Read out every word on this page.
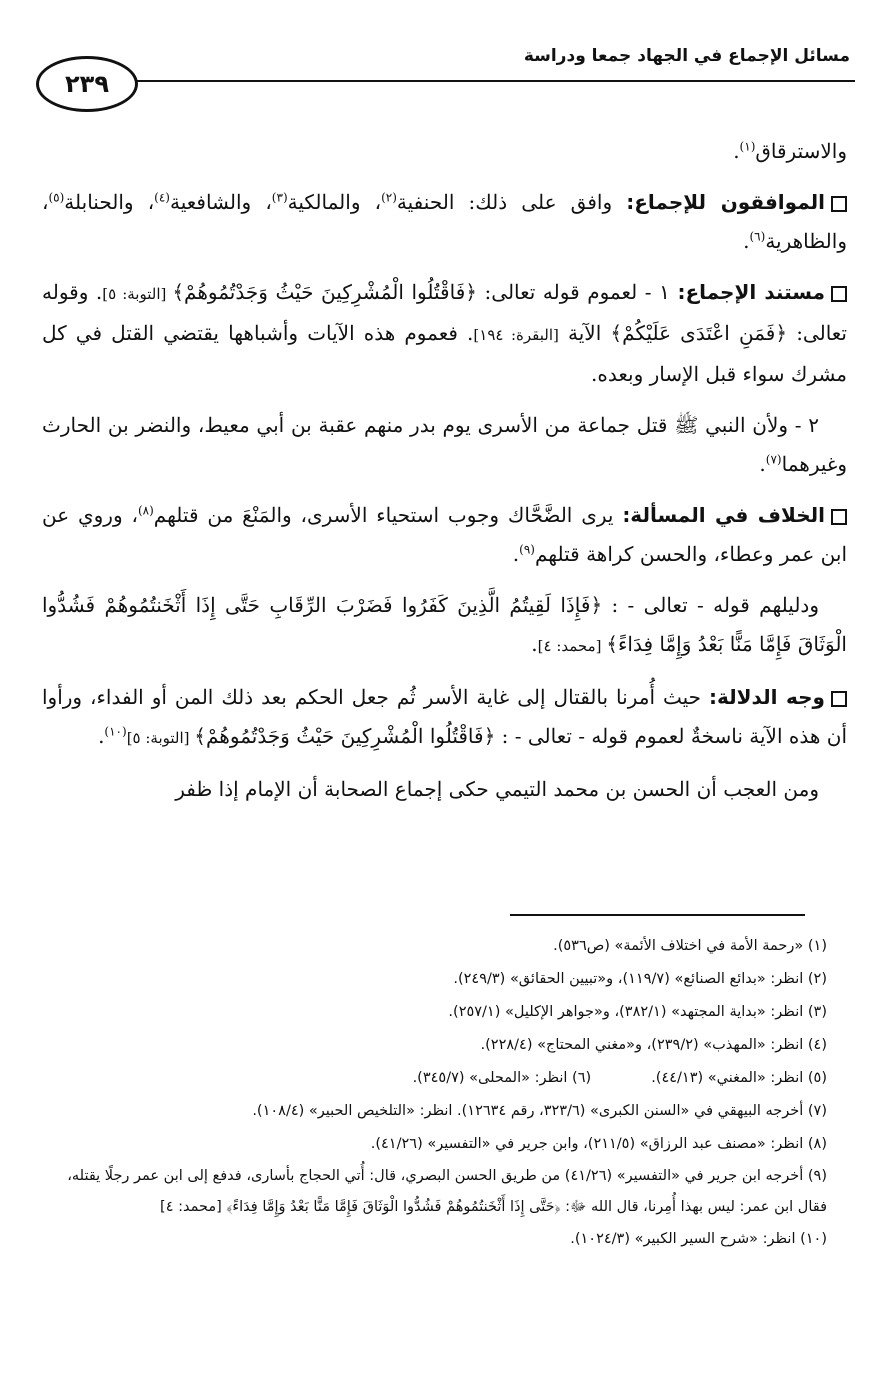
مسائل الإجماع في الجهاد جمعا ودراسة
٢٣٩

والاسترقاق$^{(١)}$.

الموافقون للإجماع: وافق على ذلك: الحنفية$^{(٢)}$، والمالكية$^{(٣)}$، والشافعية$^{(٤)}$، والحنابلة$^{(٥)}$، والظاهرية$^{(٦)}$.

مستند الإجماع: ١ - لعموم قوله تعالى: ﴿فَاقْتُلُوا الْمُشْرِكِينَ حَيْثُ وَجَدْتُمُوهُمْ﴾ [التوبة: ٥]. وقوله تعالى: ﴿فَمَنِ اعْتَدَى عَلَيْكُمْ﴾ الآية [البقرة: ١٩٤]. فعموم هذه الآيات وأشباهها يقتضي القتل في كل مشرك سواء قبل الإسار وبعده.

٢ - ولأن النبي ﷺ قتل جماعة من الأسرى يوم بدر منهم عقبة بن أبي معيط، والنضر بن الحارث وغيرهما$^{(٧)}$.

الخلاف في المسألة: يرى الضَّحَّاك وجوب استحياء الأسرى، والمَنْعَ من قتلهم$^{(٨)}$، وروي عن ابن عمر وعطاء، والحسن كراهة قتلهم$^{(٩)}$.

ودليلهم قوله - تعالى - : ﴿فَإِذَا لَقِيتُمُ الَّذِينَ كَفَرُوا فَضَرْبَ الرِّقَابِ حَتَّى إِذَا أَثْخَنتُمُوهُمْ فَشُدُّوا الْوَثَاقَ فَإِمَّا مَنًّا بَعْدُ وَإِمَّا فِدَاءً﴾ [محمد: ٤].

وجه الدلالة: حيث أُمرنا بالقتال إلى غاية الأسر ثُم جعل الحكم بعد ذلك المن أو الفداء، ورأوا أن هذه الآية ناسخةٌ لعموم قوله - تعالى - : ﴿فَاقْتُلُوا الْمُشْرِكِينَ حَيْثُ وَجَدْتُمُوهُمْ﴾ [التوبة: ٥]$^{(١٠)}$.

ومن العجب أن الحسن بن محمد التيمي حكى إجماع الصحابة أن الإمام إذا ظفر

(١) «رحمة الأمة في اختلاف الأئمة» (ص٥٣٦).

(٢) انظر: «بدائع الصنائع» (١١٩/٧)، و«تبيين الحقائق» (٢٤٩/٣).

(٣) انظر: «بداية المجتهد» (٣٨٢/١)، و«جواهر الإكليل» (٢٥٧/١).

(٤) انظر: «المهذب» (٢٣٩/٢)، و«مغني المحتاج» (٢٢٨/٤).

(٥) انظر: «المغني» (٤٤/١٣).
(٦) انظر: «المحلى» (٣٤٥/٧).

(٧) أخرجه البيهقي في «السنن الكبرى» (٣٢٣/٦، رقم ١٢٦٣٤). انظر: «التلخيص الحبير» (١٠٨/٤).

(٨) انظر: «مصنف عبد الرزاق» (٢١١/٥)، وابن جرير في «التفسير» (٤١/٢٦).

(٩) أخرجه ابن جرير في «التفسير» (٤١/٢٦) من طريق الحسن البصري، قال: أُتي الحجاج بأسارى، فدفع إلى ابن عمر رجلًا يقتله، فقال ابن عمر: ليس بهذا أُمِرنا، قال الله ﷻ: ﴿حَتَّى إِذَا أَثْخَنتُمُوهُمْ فَشُدُّوا الْوَثَاقَ فَإِمَّا مَنًّا بَعْدُ وَإِمَّا فِدَاءً﴾ [محمد: ٤]

(١٠) انظر: «شرح السير الكبير» (١٠٢٤/٣).
